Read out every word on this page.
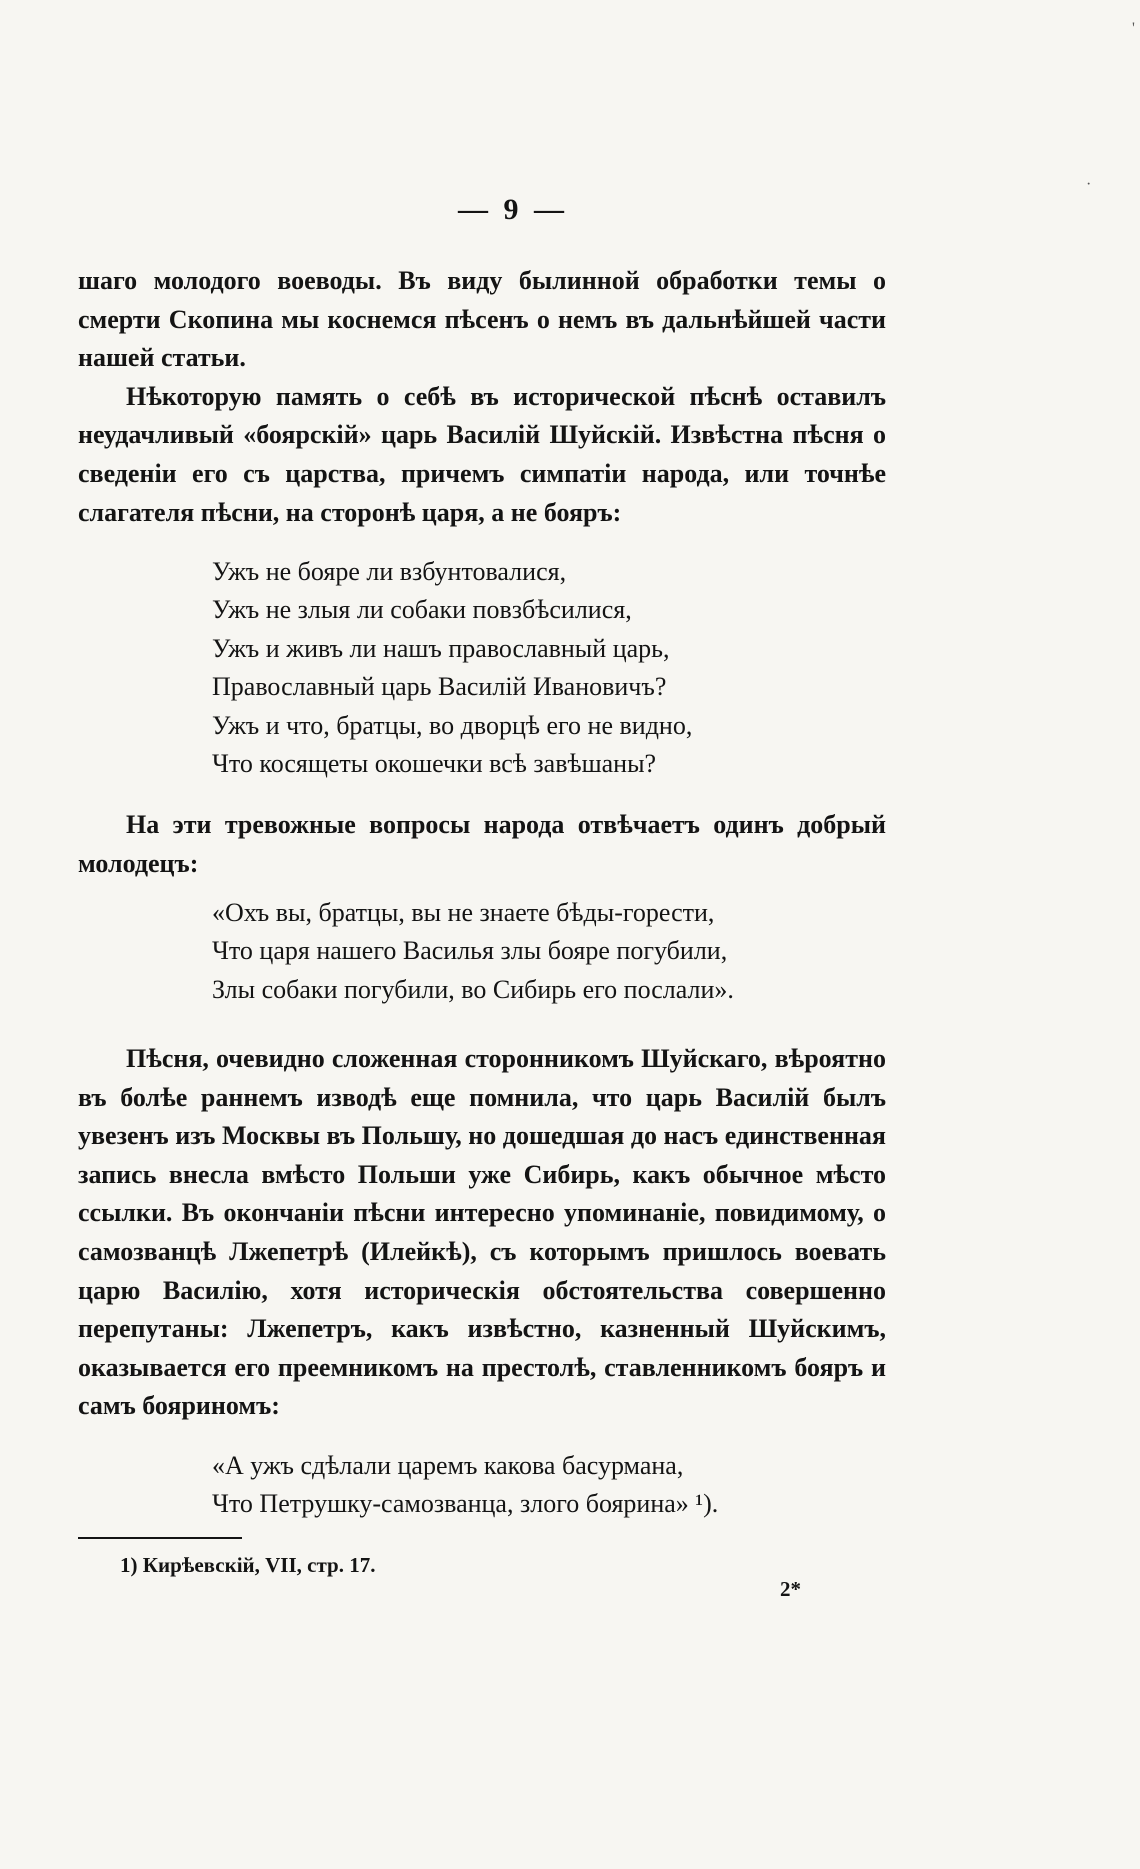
— 9 —

шаго молодого воеводы. Въ виду былинной обработки темы о смерти Скопина мы коснемся пѣсенъ о немъ въ дальнѣйшей части нашей статьи.

Нѣкоторую память о себѣ въ исторической пѣснѣ оставилъ неудачливый «боярскій» царь Василій Шуйскій. Извѣстна пѣсня о сведеніи его съ царства, причемъ симпатіи народа, или точнѣе слагателя пѣсни, на сторонѣ царя, а не бояръ:

Ужъ не бояре ли взбунтовалися,
Ужъ не злыя ли собаки повзбѣсилися,
Ужъ и живъ ли нашъ православный царь,
Православный царь Василій Ивановичъ?
Ужъ и что, братцы, во дворцѣ его не видно,
Что косящеты окошечки всѣ завѣшаны?

На эти тревожные вопросы народа отвѣчаетъ одинъ добрый молодецъ:

«Охъ вы, братцы, вы не знаете бѣды-горести,
Что царя нашего Василья злы бояре погубили,
Злы собаки погубили, во Сибирь его послали».

Пѣсня, очевидно сложенная сторонникомъ Шуйскаго, вѣроятно въ болѣе раннемъ изводѣ еще помнила, что царь Василій былъ увезенъ изъ Москвы въ Польшу, но дошедшая до насъ единственная запись внесла вмѣсто Польши уже Сибирь, какъ обычное мѣсто ссылки. Въ окончаніи пѣсни интересно упоминаніе, повидимому, о самозванцѣ Лжепетрѣ (Илейкѣ), съ которымъ пришлось воевать царю Василію, хотя историческія обстоятельства совершенно перепутаны: Лжепетръ, какъ извѣстно, казненный Шуйскимъ, оказывается его преемникомъ на престолѣ, ставленникомъ бояръ и самъ бояриномъ:

«А ужъ сдѣлали царемъ какова басурмана,
Что Петрушку-самозванца, злого боярина» ¹).
1) Кирѣевскій, VII, стр. 17.
2*
'
·
